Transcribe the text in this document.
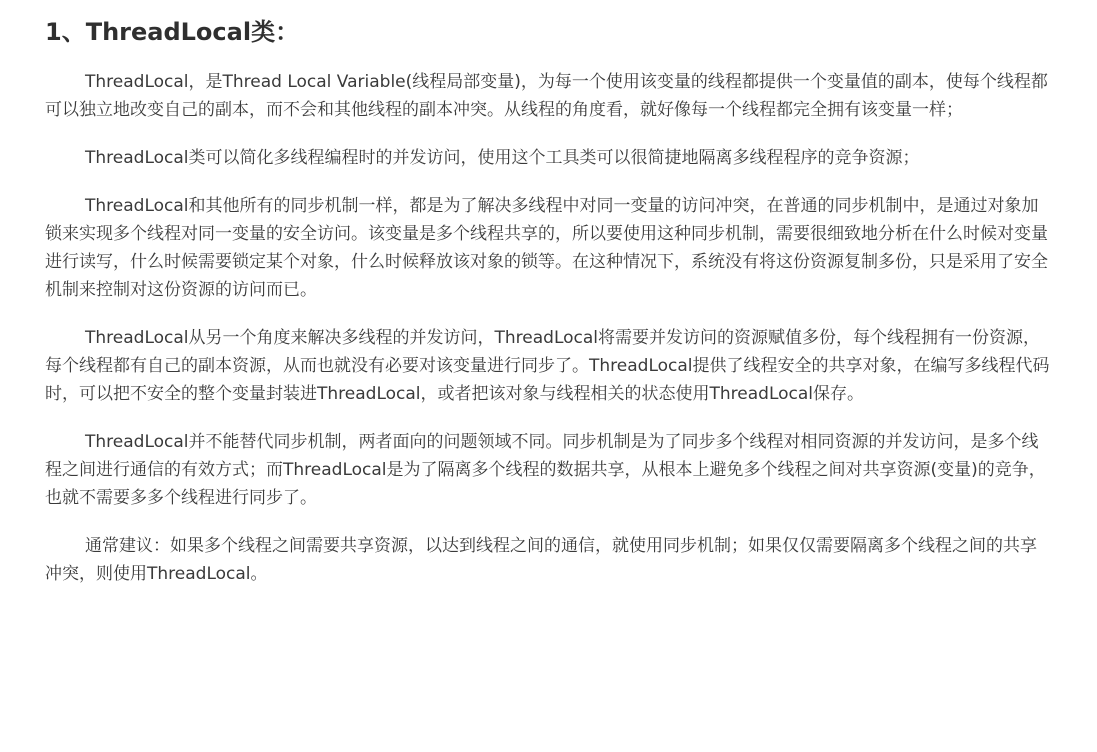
1、ThreadLocal类：

ThreadLocal，是Thread Local Variable(线程局部变量)，为每一个使用该变量的线程都提供一个变量值的副本，使每个线程都可以独立地改变自己的副本，而不会和其他线程的副本冲突。从线程的角度看，就好像每一个线程都完全拥有该变量一样；

ThreadLocal类可以简化多线程编程时的并发访问，使用这个工具类可以很简捷地隔离多线程程序的竞争资源；

ThreadLocal和其他所有的同步机制一样，都是为了解决多线程中对同一变量的访问冲突，在普通的同步机制中，是通过对象加锁来实现多个线程对同一变量的安全访问。该变量是多个线程共享的，所以要使用这种同步机制，需要很细致地分析在什么时候对变量进行读写，什么时候需要锁定某个对象，什么时候释放该对象的锁等。在这种情况下，系统没有将这份资源复制多份，只是采用了安全机制来控制对这份资源的访问而已。

ThreadLocal从另一个角度来解决多线程的并发访问，ThreadLocal将需要并发访问的资源赋值多份，每个线程拥有一份资源，每个线程都有自己的副本资源，从而也就没有必要对该变量进行同步了。ThreadLocal提供了线程安全的共享对象，在编写多线程代码时，可以把不安全的整个变量封装进ThreadLocal，或者把该对象与线程相关的状态使用ThreadLocal保存。

ThreadLocal并不能替代同步机制，两者面向的问题领域不同。同步机制是为了同步多个线程对相同资源的并发访问，是多个线程之间进行通信的有效方式；而ThreadLocal是为了隔离多个线程的数据共享，从根本上避免多个线程之间对共享资源(变量)的竞争，也就不需要多多个线程进行同步了。

通常建议：如果多个线程之间需要共享资源，以达到线程之间的通信，就使用同步机制；如果仅仅需要隔离多个线程之间的共享冲突，则使用ThreadLocal。
